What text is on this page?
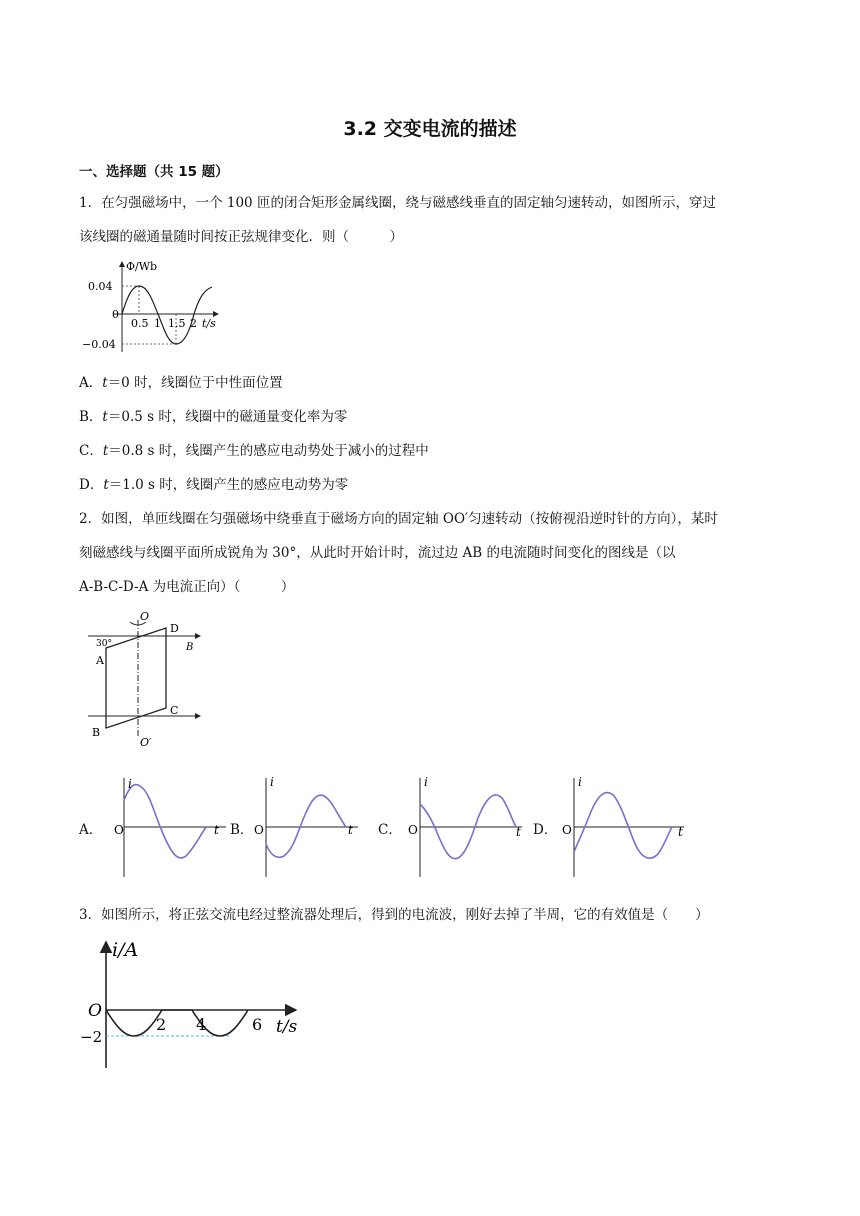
3.2 交变电流的描述
一、选择题（共 15 题）
1．在匀强磁场中，一个 100 匝的闭合矩形金属线圈，绕与磁感线垂直的固定轴匀速转动，如图所示，穿过
该线圈的磁通量随时间按正弦规律变化．则（　　　）
Φ/Wb
0.04
0
−0.04
0.5 1 1.5 2 t/s
A．t＝0 时，线圈位于中性面位置
B．t＝0.5 s 时，线圈中的磁通量变化率为零
C．t＝0.8 s 时，线圈产生的感应电动势处于减小的过程中
D．t＝1.0 s 时，线圈产生的感应电动势为零
2．如图，单匝线圈在匀强磁场中绕垂直于磁场方向的固定轴 OO′匀速转动（按俯视沿逆时针的方向），某时
刻磁感线与线圈平面所成锐角为 30°，从此时开始计时，流过边 AB 的电流随时间变化的图线是（以
A-B-C-D-A 为电流正向）（　　　）
O
O′
30°	B
A
B
C
D
A．
i
O	t B．
i
O	t C．
i
O	t D．
i
O	t
3．如图所示，将正弦交流电经过整流器处理后，得到的电流波，刚好去掉了半周，它的有效值是（　　）
i/A
O
−2
2 4	6 t/s
